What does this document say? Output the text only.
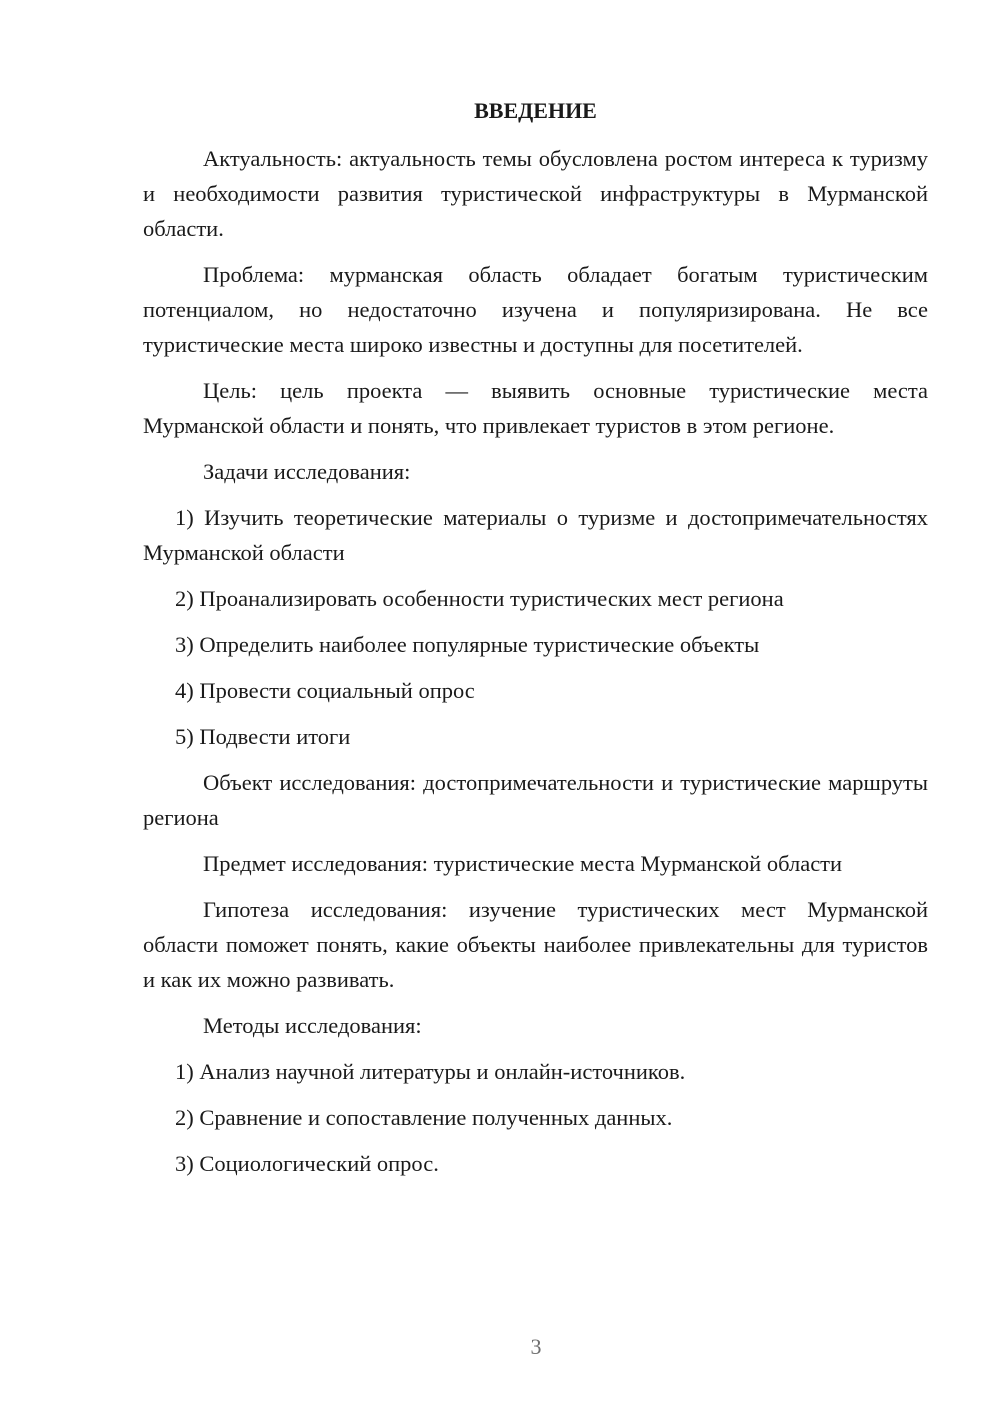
ВВЕДЕНИЕ

Актуальность: актуальность темы обусловлена ростом интереса к туризму и необходимости развития туристической инфраструктуры в Мурманской области.

Проблема: мурманская область обладает богатым туристическим потенциалом, но недостаточно изучена и популяризирована. Не все туристические места широко известны и доступны для посетителей.

Цель: цель проекта — выявить основные туристические места Мурманской области и понять, что привлекает туристов в этом регионе.

Задачи исследования:

1) Изучить теоретические материалы о туризме и достопримечательностях Мурманской области

2) Проанализировать особенности туристических мест региона

3) Определить наиболее популярные туристические объекты

4) Провести социальный опрос

5) Подвести итоги

Объект исследования: достопримечательности и туристические маршруты региона

Предмет исследования: туристические места Мурманской области

Гипотеза исследования: изучение туристических мест Мурманской области поможет понять, какие объекты наиболее привлекательны для туристов и как их можно развивать.

Методы исследования:

1) Анализ научной литературы и онлайн-источников.

2) Сравнение и сопоставление полученных данных.

3) Социологический опрос.

3
